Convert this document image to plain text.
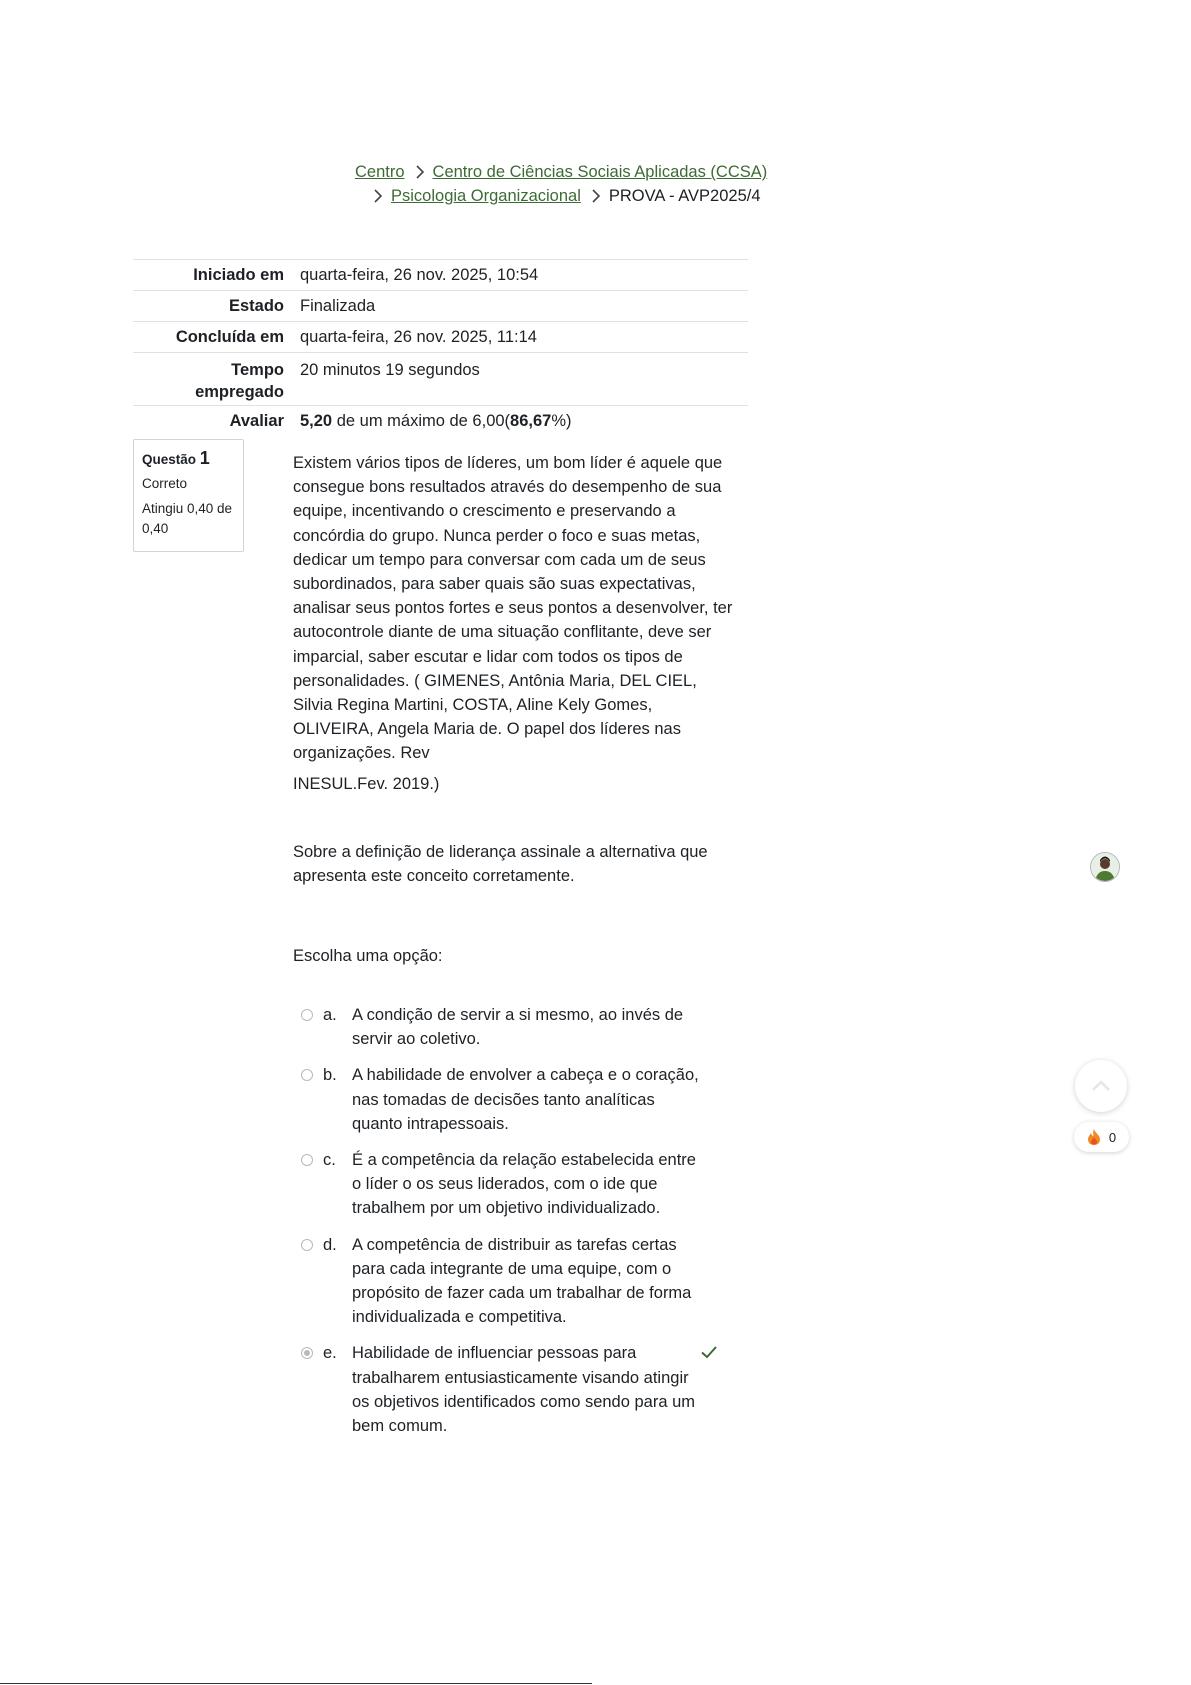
Centro Centro de Ciências Sociais Aplicadas (CCSA)
Psicologia Organizacional PROVA - AVP2025/4
Iniciado em	quarta-feira, 26 nov. 2025, 10:54
Estado	Finalizada
Concluída em	quarta-feira, 26 nov. 2025, 11:14
Tempo
empregado	20 minutos 19 segundos
Avaliar	5,20 de um máximo de 6,00(86,67%)
Questão 1
Correto
Atingiu 0,40 de 0,40

Existem vários tipos de líderes, um bom líder é aquele que consegue bons resultados através do desempenho de sua equipe, incentivando o crescimento e preservando a concórdia do grupo. Nunca perder o foco e suas metas, dedicar um tempo para conversar com cada um de seus subordinados, para saber quais são suas expectativas, analisar seus pontos fortes e seus pontos a desenvolver, ter autocontrole diante de uma situação conflitante, deve ser imparcial, saber escutar e lidar com todos os tipos de personalidades. ( GIMENES, Antônia Maria, DEL CIEL, Silvia Regina Martini, COSTA, Aline Kely Gomes, OLIVEIRA, Angela Maria de. O papel dos líderes nas organizações. Rev

INESUL.Fev. 2019.)

Sobre a definição de liderança assinale a alternativa que apresenta este conceito corretamente.

Escolha uma opção:

a. A condição de servir a si mesmo, ao invés de servir ao coletivo.
b. A habilidade de envolver a cabeça e o coração, nas tomadas de decisões tanto analíticas quanto intrapessoais.
c. É a competência da relação estabelecida entre o líder o os seus liderados, com o ide que trabalhem por um objetivo individualizado.
d. A competência de distribuir as tarefas certas para cada integrante de uma equipe, com o propósito de fazer cada um trabalhar de forma individualizada e competitiva.
e. Habilidade de influenciar pessoas para trabalharem entusiasticamente visando atingir os objetivos identificados como sendo para um bem comum.
0
